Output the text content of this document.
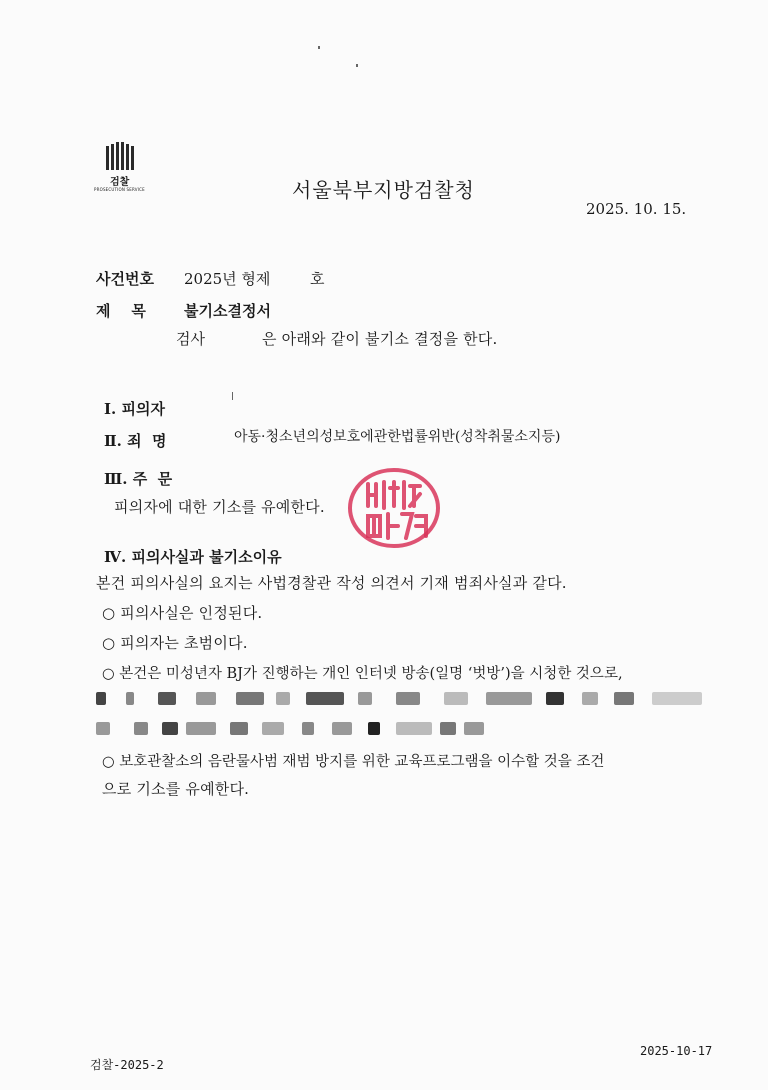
검찰
PROSECUTION SERVICE	서울북부지방검찰청
2025. 10. 15.
사건번호 2025년 형제	호
제    목	불기소결정서
검사	은 아래와 같이 불기소 결정을 한다.
Ⅰ. 피의자
Ⅱ. 죄  명	아동·청소년의성보호에관한법률위반(성착취물소지등)
Ⅲ. 주  문
피의자에 대한 기소를 유예한다.
Ⅳ. 피의사실과 불기소이유
본건 피의사실의 요지는 사법경찰관 작성 의견서 기재 범죄사실과 같다.
○ 피의사실은 인정된다.
○ 피의자는 초범이다.
○ 본건은 미성년자 BJ가 진행하는 개인 인터넷 방송(일명 ‘벗방’)을 시청한 것으로,
○ 보호관찰소의 음란물사범 재범 방지를 위한 교육프로그램을 이수할 것을 조건
으로 기소를 유예한다.
검찰-2025-2
2025-10-17
